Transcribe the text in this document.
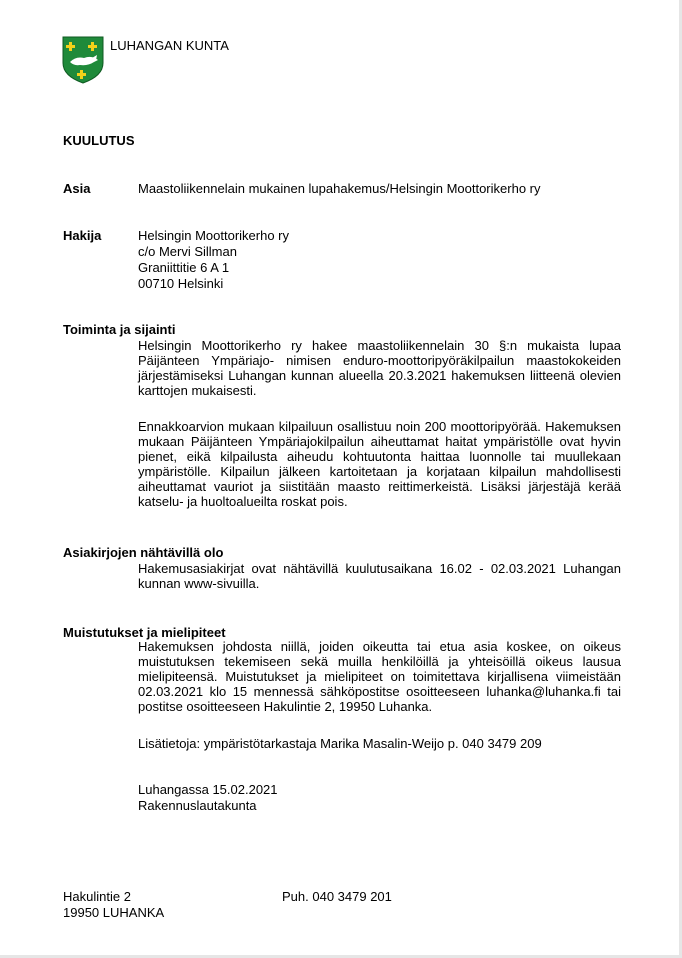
LUHANGAN KUNTA
KUULUTUS
Asia	Maastoliikennelain mukainen lupahakemus/Helsingin Moottorikerho ry
Hakija	Helsingin Moottorikerho ry
c/o Mervi Sillman
Graniittitie 6 A 1
00710 Helsinki
Toiminta ja sijainti
Helsingin Moottorikerho ry hakee maastoliikennelain 30 §:n mukaista lupaa Päijänteen Ympäriajo- nimisen enduro-moottoripyöräkilpailun maastokokeiden järjestämiseksi Luhangan kunnan alueella 20.3.2021 hakemuksen liitteenä olevien karttojen mukaisesti.
Ennakkoarvion mukaan kilpailuun osallistuu noin 200 moottoripyörää. Hakemuksen mukaan Päijänteen Ympäriajokilpailun aiheuttamat haitat ympäristölle ovat hyvin pienet, eikä kilpailusta aiheudu kohtuutonta haittaa luonnolle tai muullekaan ympäristölle. Kilpailun jälkeen kartoitetaan ja korjataan kilpailun mahdollisesti aiheuttamat vauriot ja siistitään maasto reittimerkeistä. Lisäksi järjestäjä kerää katselu- ja huoltoalueilta roskat pois.
Asiakirjojen nähtävillä olo
Hakemusasiakirjat ovat nähtävillä kuulutusaikana 16.02 - 02.03.2021 Luhangan kunnan www-sivuilla.
Muistutukset ja mielipiteet
Hakemuksen johdosta niillä, joiden oikeutta tai etua asia koskee, on oikeus muistutuksen tekemiseen sekä muilla henkilöillä ja yhteisöillä oikeus lausua mielipiteensä. Muistutukset ja mielipiteet on toimitettava kirjallisena viimeistään 02.03.2021 klo 15 mennessä sähköpostitse osoitteeseen luhanka@luhanka.fi tai postitse osoitteeseen Hakulintie 2, 19950 Luhanka.
Lisätietoja: ympäristötarkastaja Marika Masalin-Weijo p. 040 3479 209
Luhangassa 15.02.2021
Rakennuslautakunta
Hakulintie 2
19950 LUHANKA
Puh. 040 3479 201
